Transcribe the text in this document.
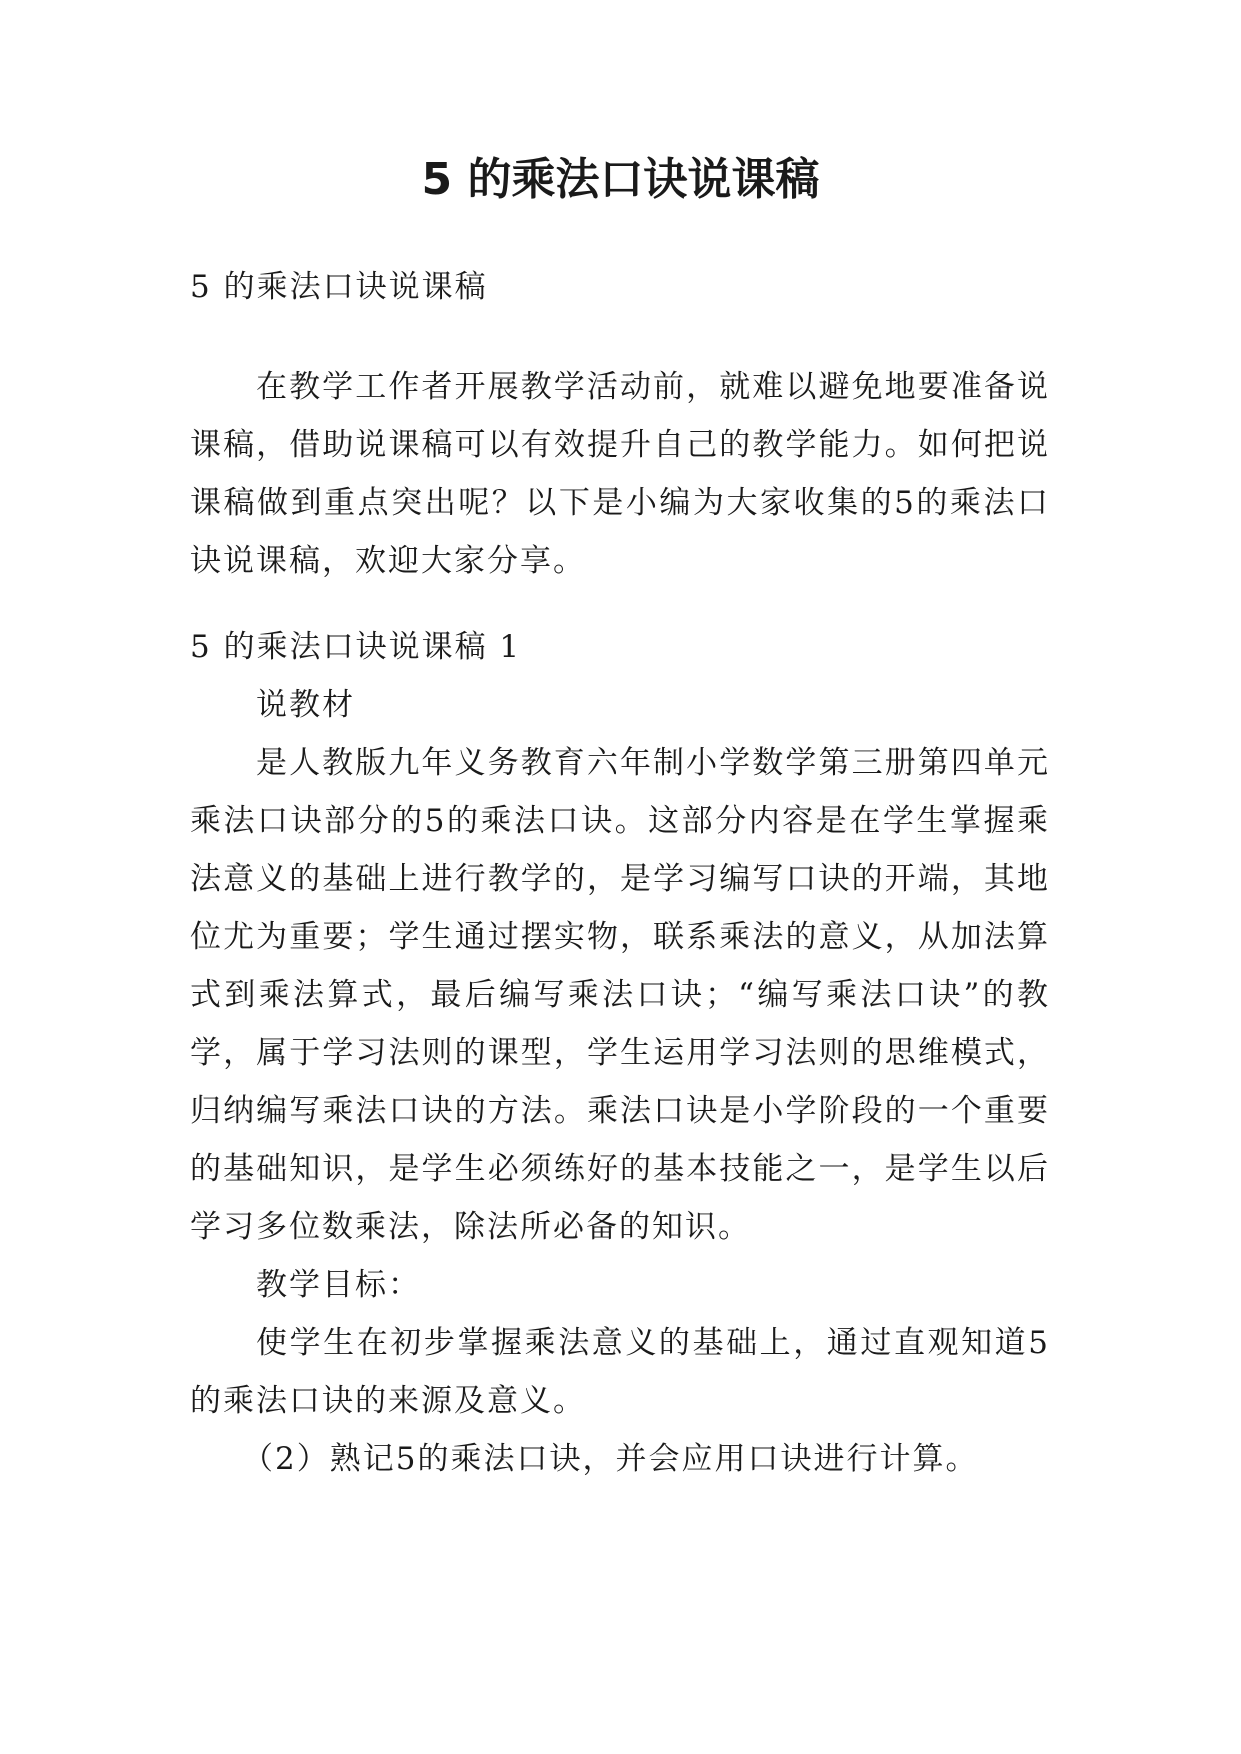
5 的乘法口诀说课稿

5 的乘法口诀说课稿

在教学工作者开展教学活动前，就难以避免地要准备说课稿，借助说课稿可以有效提升自己的教学能力。如何把说课稿做到重点突出呢？以下是小编为大家收集的5的乘法口诀说课稿，欢迎大家分享。

5 的乘法口诀说课稿 1

说教材

是人教版九年义务教育六年制小学数学第三册第四单元乘法口诀部分的5的乘法口诀。这部分内容是在学生掌握乘法意义的基础上进行教学的，是学习编写口诀的开端，其地位尤为重要；学生通过摆实物，联系乘法的意义，从加法算式到乘法算式，最后编写乘法口诀；“编写乘法口诀”的教学，属于学习法则的课型，学生运用学习法则的思维模式，归纳编写乘法口诀的方法。乘法口诀是小学阶段的一个重要的基础知识，是学生必须练好的基本技能之一，是学生以后学习多位数乘法，除法所必备的知识。

教学目标：

使学生在初步掌握乘法意义的基础上，通过直观知道5的乘法口诀的来源及意义。

（2）熟记5的乘法口诀，并会应用口诀进行计算。
